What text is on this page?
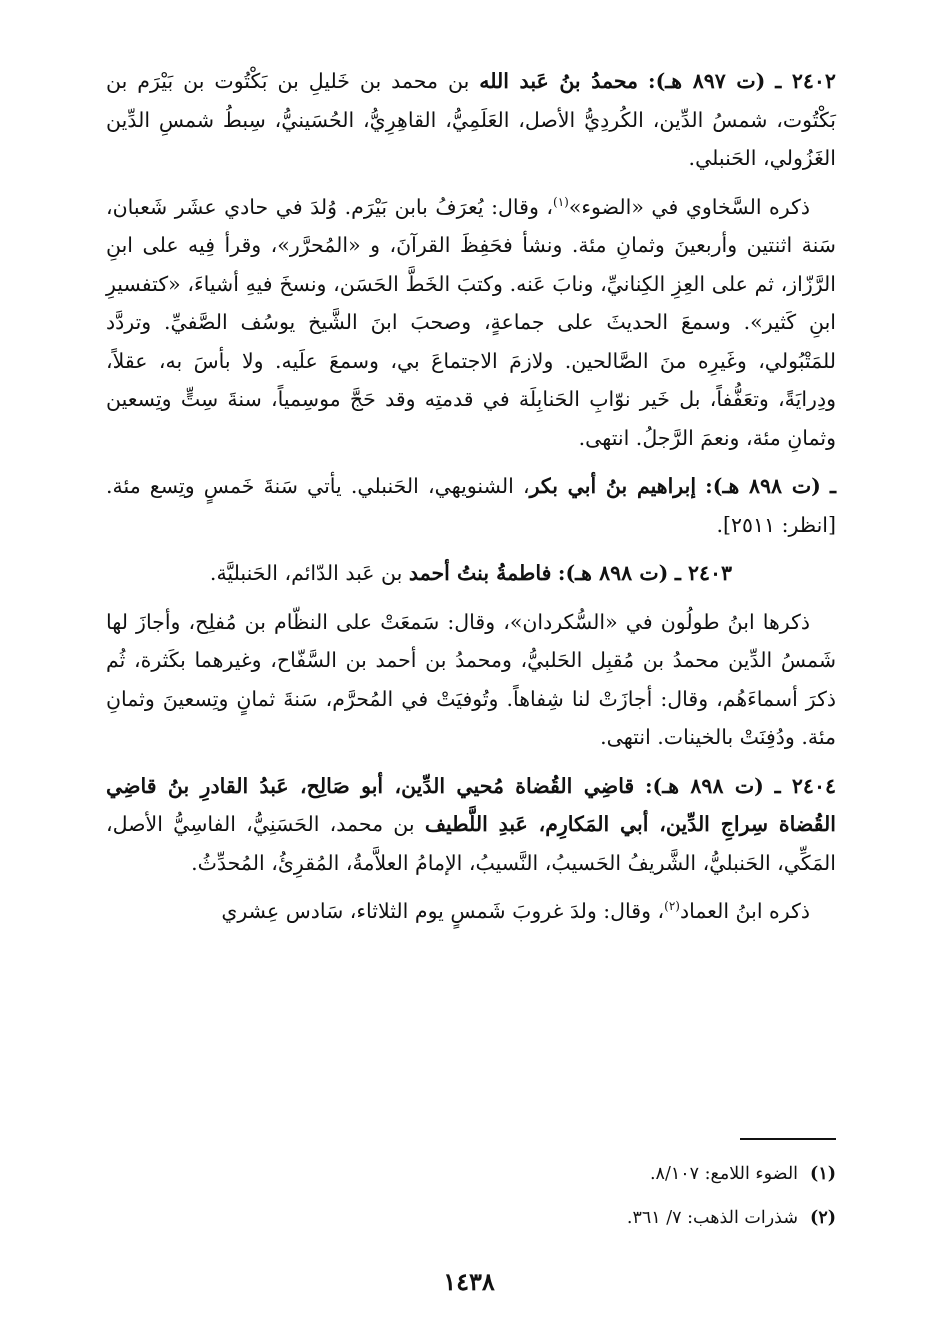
٢٤٠٢ ـ (ت ٨٩٧ هـ): محمدُ بنُ عَبد الله بن محمد بن خَليلِ بن بَكْتُوت بن بَيْرَم بن بَكْتُوت، شمسُ الدِّين، الكُردِيُّ الأصل، العَلَمِيُّ، القاهِرِيُّ، الحُسَينيُّ، سِبطُ شمسِ الدِّين الغَزُولي، الحَنبلي.

ذكره السَّخاوي في «الضوء»$^{(١)}$، وقال: يُعرَفُ بابن بَيْرَم. وُلدَ في حادي عشَر شَعبان، سَنة اثنتين وأربعينَ وثمانِ مئة. ونشأ فحَفِظَ القرآنَ، و «المُحرَّر»، وقرأ فِيه على ابنِ الرَّزّاز، ثم على العِزِ الكِنانيِّ، ونابَ عَنه. وكتبَ الخَطَّ الحَسَن، ونسخَ فيهِ أشياءَ، «كتفسيرِ ابنِ كَثير». وسمعَ الحديثَ على جماعةٍ، وصحبَ ابنَ الشَّيخ يوسُف الصَّفيِّ. وتردَّد للمَتْبُولي، وغَيرِه منَ الصَّالحين. ولازمَ الاجتماعَ بي، وسمعَ علَيه. ولا بأسَ به، عقلاً، ودِرايَةً، وتعَفُّفاً، بل خَير نوّابِ الحَنابِلَة في قدمتِه وقد حَجَّ موسِمياً، سنةَ سِتٍّ وتِسعين وثمانِ مئة، ونعمَ الرَّجلُ. انتهى.

ـ (ت ٨٩٨ هـ): إبراهيم بنُ أبي بكر، الشنويهي، الحَنبلي. يأتي سَنةَ خَمسٍ وتِسع مئة. [انظر: ٢٥١١].

٢٤٠٣ ـ (ت ٨٩٨ هـ): فاطمةُ بنتُ أحمد بن عَبد الدّائم، الحَنبليَّة.

ذكرها ابنُ طولُون في «السُّكردان»، وقال: سَمعَتْ على النظّام بن مُفلِح، وأجازَ لها شَمسُ الدِّين محمدُ بن مُقبِل الحَلبيُّ، ومحمدُ بن أحمد بن السَّفّاح، وغيرهما بكَثرة، ثُم ذكرَ أسماءَهُم، وقال: أجازَتْ لنا شِفاهاً. وتُوفيَتْ في المُحرَّم، سَنةَ ثمانٍ وتِسعينَ وثمانِ مئة. ودُفِنَتْ بالخينات. انتهى.

٢٤٠٤ ـ (ت ٨٩٨ هـ): قاضِي القُضاة مُحيي الدِّين، أبو صَالِح، عَبدُ القادرِ بنُ قاضِي القُضاة سِراجِ الدِّين، أبي المَكارِم، عَبدِ اللَّطيف بن محمد، الحَسَنِيُّ، الفاسِيُّ الأصل، المَكِّي، الحَنبليُّ، الشَّريفُ الحَسيبُ، النَّسيبُ، الإمامُ العلاَّمةُ، المُقرِئُ، المُحدِّثُ.

ذكره ابنُ العماد$^{(٢)}$، وقال: ولدَ غروبَ شَمسٍ يوم الثلاثاء، سَادس عِشري

(١)الضوء اللامع: ٨/١٠٧.
(٢)شذرات الذهب: ٧/ ٣٦١.
١٤٣٨
